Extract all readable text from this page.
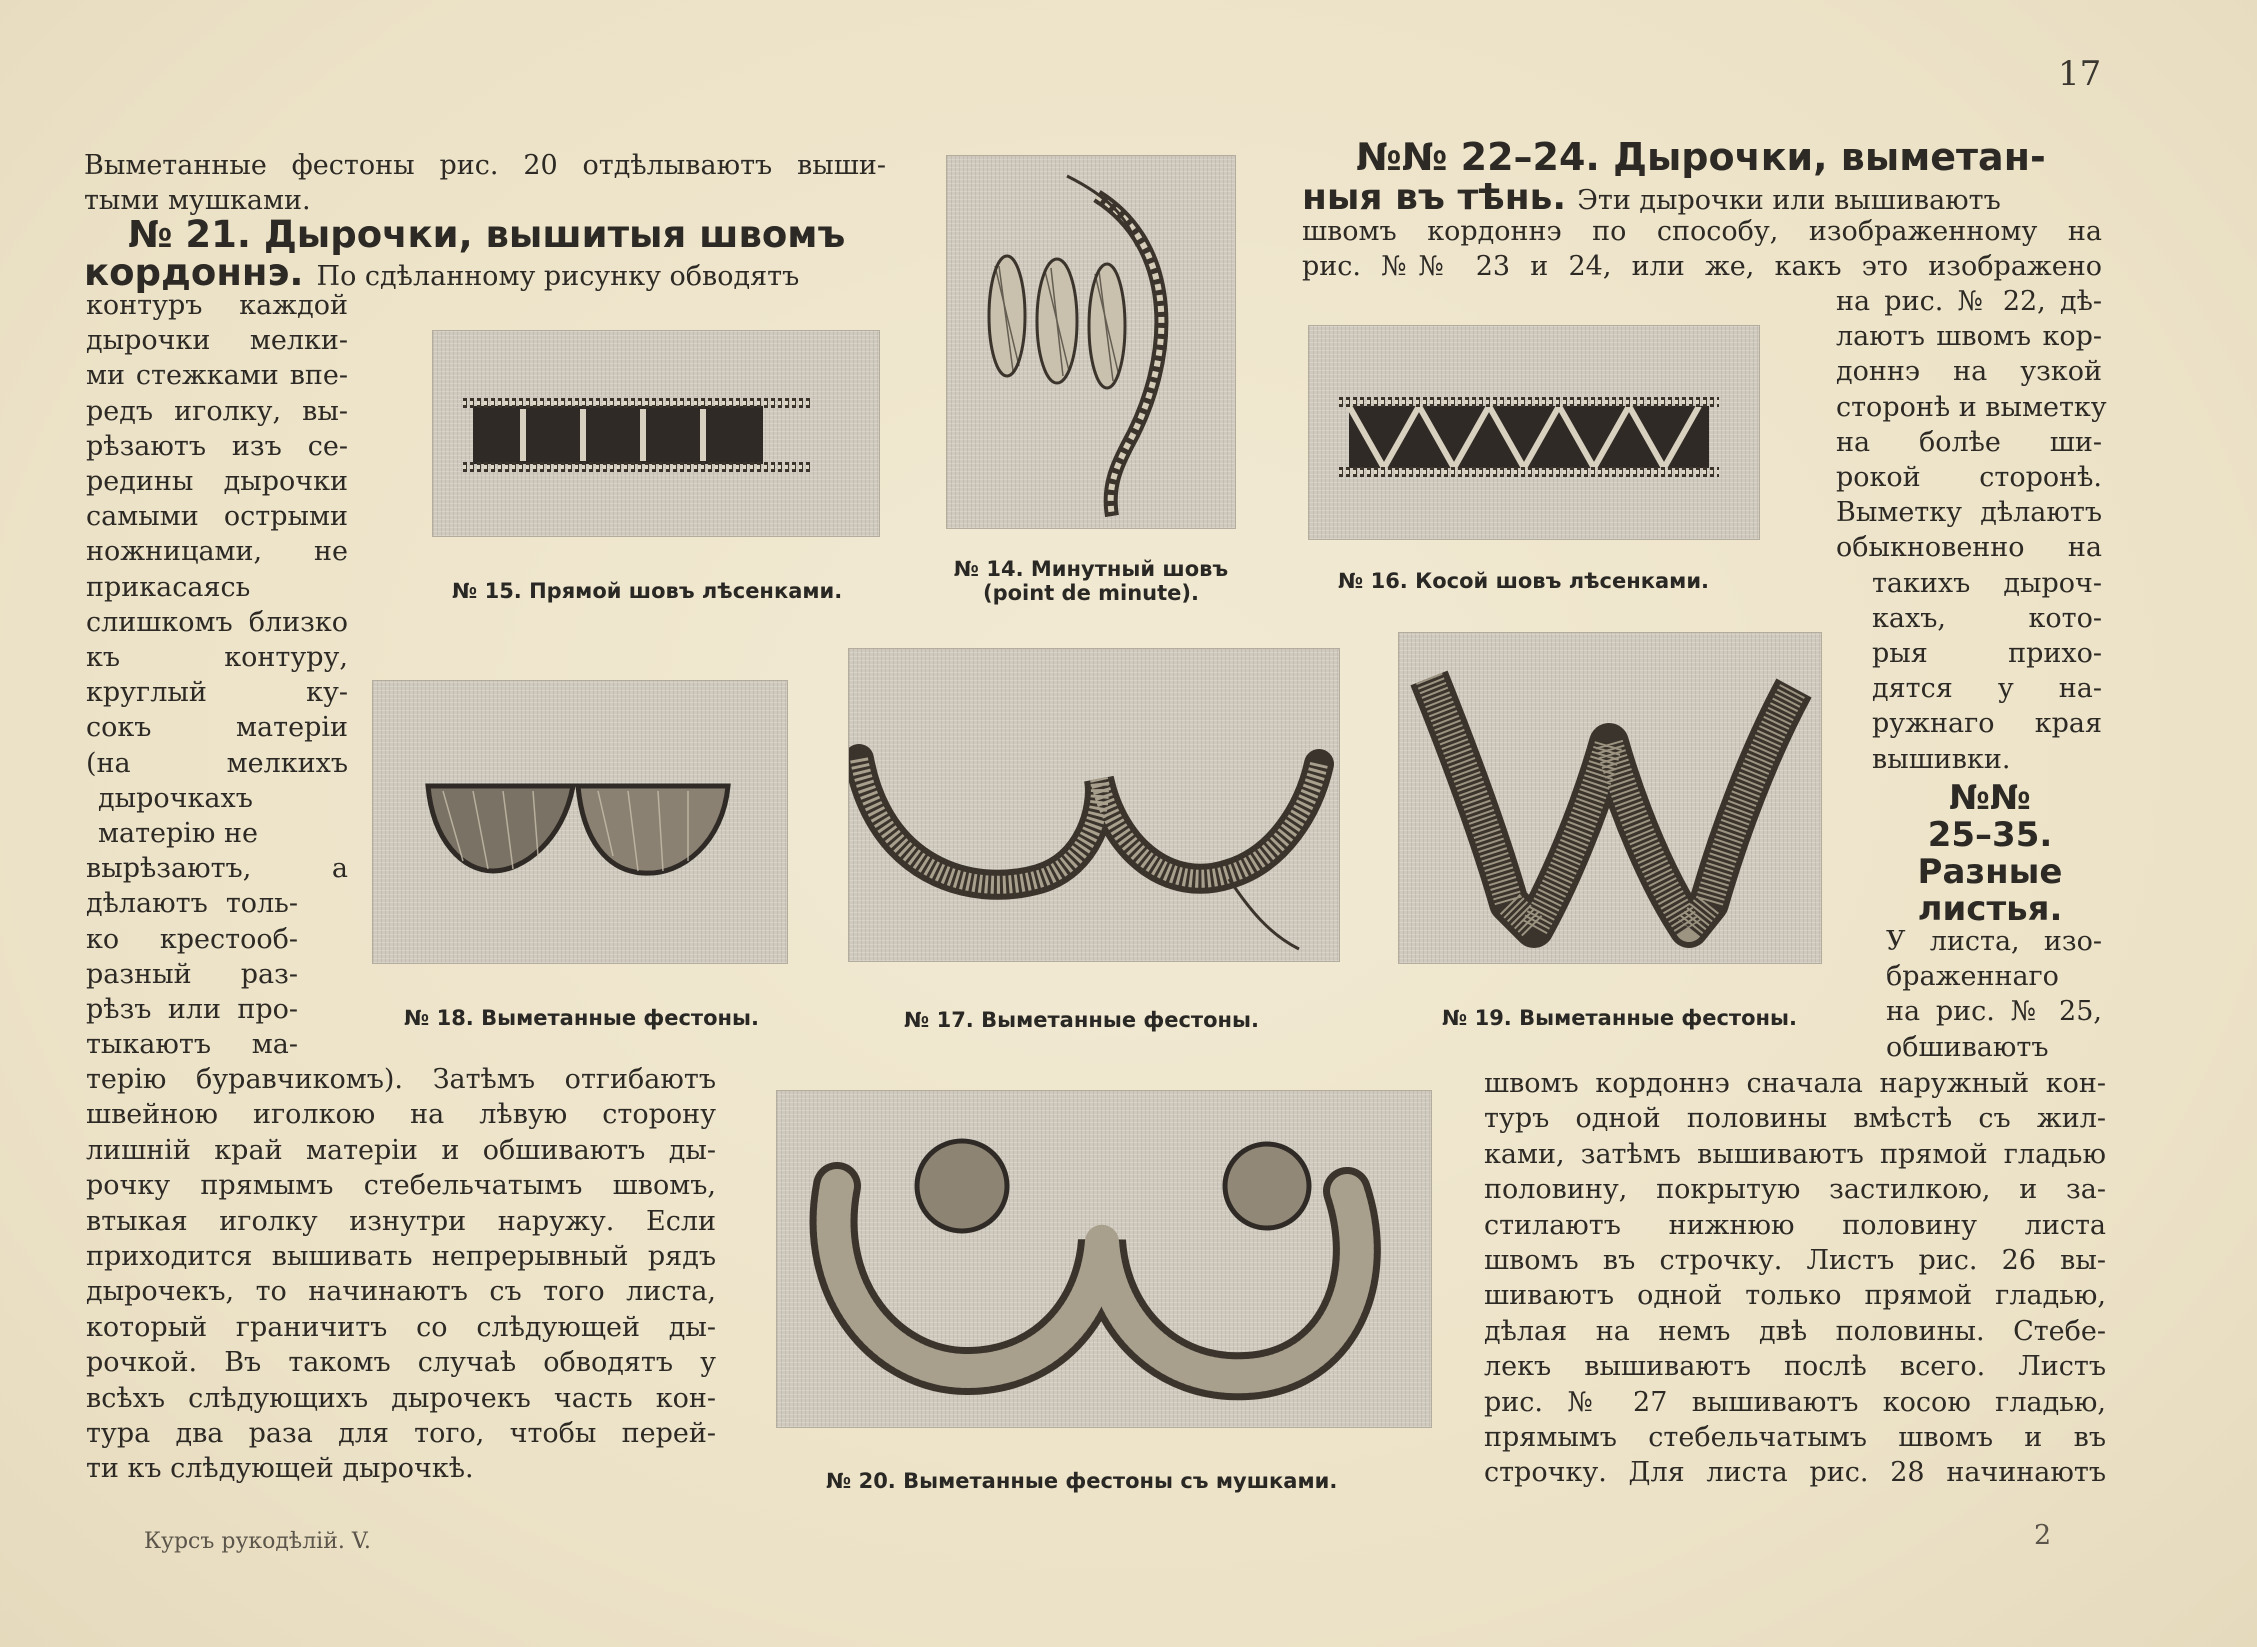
17
Выметанные фестоны рис. 20 отдѣлываютъ выши-
тыми мушками.
№ 21. Дырочки, вышитыя швомъ
кордоннэ. По сдѣланному рисунку обводятъ
контуръ каждой
дырочки мелки-
ми стежками впе-
редъ иголку, вы-
рѣзаютъ изъ се-
редины дырочки
самыми острыми
ножницами, не
прикасаясь
слишкомъ близко
къ контуру,
круглый ку-
сокъ матеріи
(на мелкихъ
дырочкахъ
матерію не
вырѣзаютъ, а
дѣлаютъ толь-
ко крестооб-
разный раз-
рѣзъ или про-
тыкаютъ ма-
терію буравчикомъ). Затѣмъ отгибаютъ
швейною иголкою на лѣвую сторону
лишній край матеріи и обшиваютъ ды-
рочку прямымъ стебельчатымъ швомъ,
втыкая иголку изнутри наружу. Если
приходится вышивать непрерывный рядъ
дырочекъ, то начинаютъ съ того листа,
который граничитъ со слѣдующей ды-
рочкой. Въ такомъ случаѣ обводятъ у
всѣхъ слѣдующихъ дырочекъ часть кон-
тура два раза для того, чтобы перей-
ти къ слѣдующей дырочкѣ.
№№ 22–24. Дырочки, выметан-
ныя въ тѣнь. Эти дырочки или вышиваютъ
швомъ кордоннэ по способу, изображенному на
рис. №№ 23 и 24, или же, какъ это изображено
на рис. № 22, дѣ-
лаютъ швомъ кор-
доннэ на узкой
сторонѣ и выметку
на болѣе ши-
рокой сторонѣ.
Выметку дѣлаютъ
обыкновенно на
такихъ дыроч-
кахъ, кото-
рыя прихо-
дятся у на-
ружнаго края
вышивки.
№№
25–35.
Разные
листья.
У листа, изо-
браженнаго
на рис. № 25,
обшиваютъ
швомъ кордоннэ сначала наружный кон-
туръ одной половины вмѣстѣ съ жил-
ками, затѣмъ вышиваютъ прямой гладью
половину, покрытую застилкою, и за-
стилаютъ нижнюю половину листа
швомъ въ строчку. Листъ рис. 26 вы-
шиваютъ одной только прямой гладью,
дѣлая на немъ двѣ половины. Стебе-
лекъ вышиваютъ послѣ всего. Листъ
рис. № 27 вышиваютъ косою гладью,
прямымъ стебельчатымъ швомъ и въ
строчку. Для листа рис. 28 начинаютъ
№ 14. Минутный шовъ
(point de minute).
№ 15. Прямой шовъ лѣсенками.	№ 16. Косой шовъ лѣсенками.
№ 18. Выметанные фестоны.	№ 17. Выметанные фестоны.	№ 19. Выметанные фестоны.
№ 20. Выметанные фестоны съ мушками.
Курсъ рукодѣлій. V.	2
